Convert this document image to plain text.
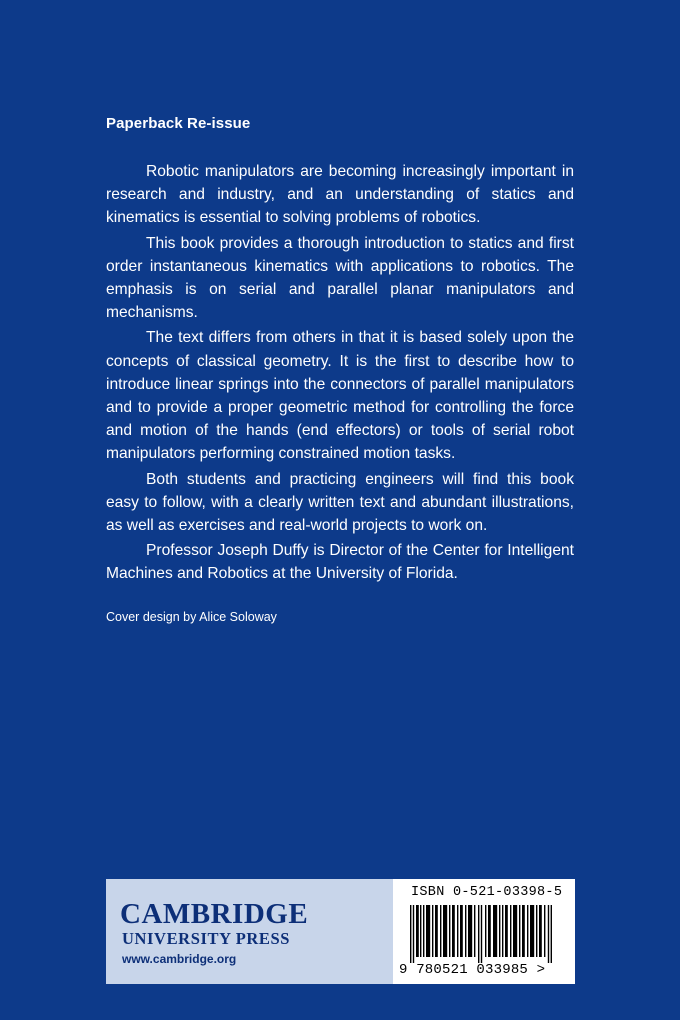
Paperback Re-issue

Robotic manipulators are becoming increasingly important in research and industry, and an understanding of statics and kinematics is essential to solving problems of robotics.

This book provides a thorough introduction to statics and first order instantaneous kinematics with applications to robotics. The emphasis is on serial and parallel planar manipulators and mechanisms.

The text differs from others in that it is based solely upon the concepts of classical geometry. It is the first to describe how to introduce linear springs into the connectors of parallel manipulators and to provide a proper geometric method for controlling the force and motion of the hands (end effectors) or tools of serial robot manipulators performing constrained motion tasks.

Both students and practicing engineers will find this book easy to follow, with a clearly written text and abundant illustrations, as well as exercises and real-world projects to work on.

Professor Joseph Duffy is Director of the Center for Intelligent Machines and Robotics at the University of Florida.

Cover design by Alice Soloway
CAMBRIDGE
UNIVERSITY PRESS
www.cambridge.org
ISBN 0-521-03398-5
9 780521 033985 >
